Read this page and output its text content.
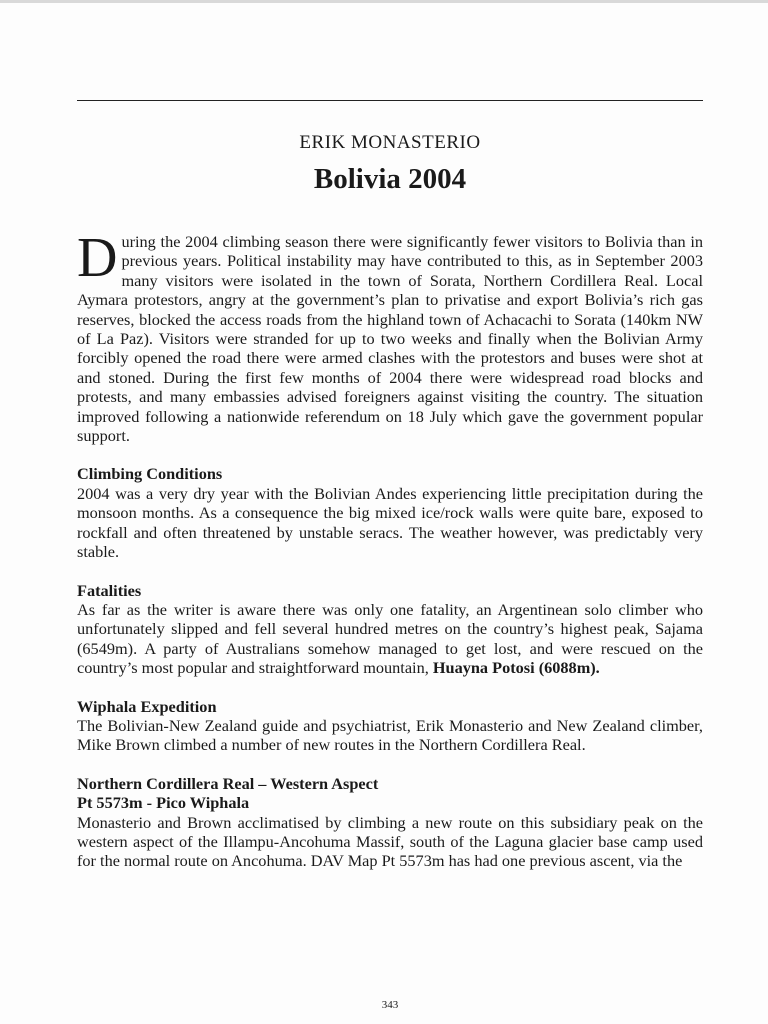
ERIK MONASTERIO
Bolivia 2004

During the 2004 climbing season there were significantly fewer visitors to Bolivia than in previous years. Political instability may have contributed to this, as in September 2003 many visitors were isolated in the town of Sorata, Northern Cordillera Real. Local Aymara protestors, angry at the government’s plan to privatise and export Bolivia’s rich gas reserves, blocked the access roads from the highland town of Achacachi to Sorata (140km NW of La Paz). Visitors were stranded for up to two weeks and finally when the Bolivian Army forcibly opened the road there were armed clashes with the protestors and buses were shot at and stoned. During the first few months of 2004 there were widespread road blocks and protests, and many embassies advised foreigners against visiting the country. The situation improved following a nationwide referendum on 18 July which gave the government popular support.

Climbing Conditions

2004 was a very dry year with the Bolivian Andes experiencing little precipitation during the monsoon months. As a consequence the big mixed ice/rock walls were quite bare, exposed to rockfall and often threatened by unstable seracs. The weather however, was predictably very stable.

Fatalities

As far as the writer is aware there was only one fatality, an Argentinean solo climber who unfortunately slipped and fell several hundred metres on the country’s highest peak, Sajama (6549m). A party of Australians somehow managed to get lost, and were rescued on the country’s most popular and straightforward mountain, Huayna Potosi (6088m).

Wiphala Expedition

The Bolivian-New Zealand guide and psychiatrist, Erik Monasterio and New Zealand climber, Mike Brown climbed a number of new routes in the Northern Cordillera Real.

Northern Cordillera Real – Western Aspect
Pt 5573m - Pico Wiphala

Monasterio and Brown acclimatised by climbing a new route on this subsidiary peak on the western aspect of the Illampu-Ancohuma Massif, south of the Laguna glacier base camp used for the normal route on Ancohuma. DAV Map Pt 5573m has had one previous ascent, via the

343
